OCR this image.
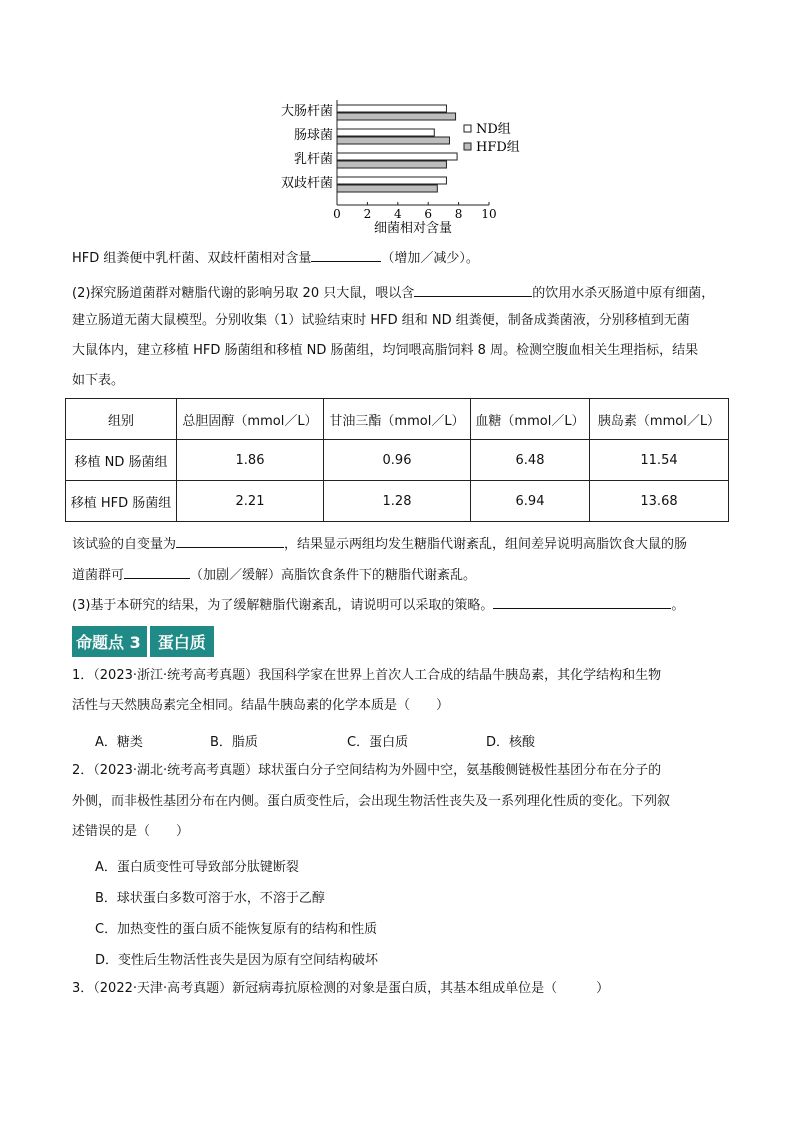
大肠杆菌
肠球菌
乳杆菌
双歧杆菌
0 2 4 6 8 10
细菌相对含量
ND组
HFD组
HFD 组粪便中乳杆菌、双歧杆菌相对含量	（增加／减少）。
(2)探究肠道菌群对糖脂代谢的影响另取 20 只大鼠，喂以含	的饮用水杀灭肠道中原有细菌，
建立肠道无菌大鼠模型。分别收集（1）试验结束时 HFD 组和 ND 组粪便，制备成粪菌液，分别移植到无菌
大鼠体内，建立移植 HFD 肠菌组和移植 ND 肠菌组，均饲喂高脂饲料 8 周。检测空腹血相关生理指标，结果
如下表。
组别	总胆固醇（mmol／L）	甘油三酯（mmol／L）	血糖（mmol／L）	胰岛素（mmol／L）
移植 ND 肠菌组	1.86	0.96	6.48	11.54
移植 HFD 肠菌组	2.21	1.28	6.94	13.68
该试验的自变量为	，结果显示两组均发生糖脂代谢紊乱，组间差异说明高脂饮食大鼠的肠
道菌群可	（加剧／缓解）高脂饮食条件下的糖脂代谢紊乱。
(3)基于本研究的结果，为了缓解糖脂代谢紊乱，请说明可以采取的策略。	。
命题点 3	蛋白质
1．（2023·浙江·统考高考真题）我国科学家在世界上首次人工合成的结晶牛胰岛素，其化学结构和生物
活性与天然胰岛素完全相同。结晶牛胰岛素的化学本质是（　　）
A．糖类	B．脂质	C．蛋白质	D．核酸
2．（2023·湖北·统考高考真题）球状蛋白分子空间结构为外圆中空，氨基酸侧链极性基团分布在分子的
外侧，而非极性基团分布在内侧。蛋白质变性后，会出现生物活性丧失及一系列理化性质的变化。下列叙
述错误的是（　　）
A．蛋白质变性可导致部分肽键断裂
B．球状蛋白多数可溶于水，不溶于乙醇
C．加热变性的蛋白质不能恢复原有的结构和性质
D．变性后生物活性丧失是因为原有空间结构破坏
3．（2022·天津·高考真题）新冠病毒抗原检测的对象是蛋白质，其基本组成单位是（　　　）
